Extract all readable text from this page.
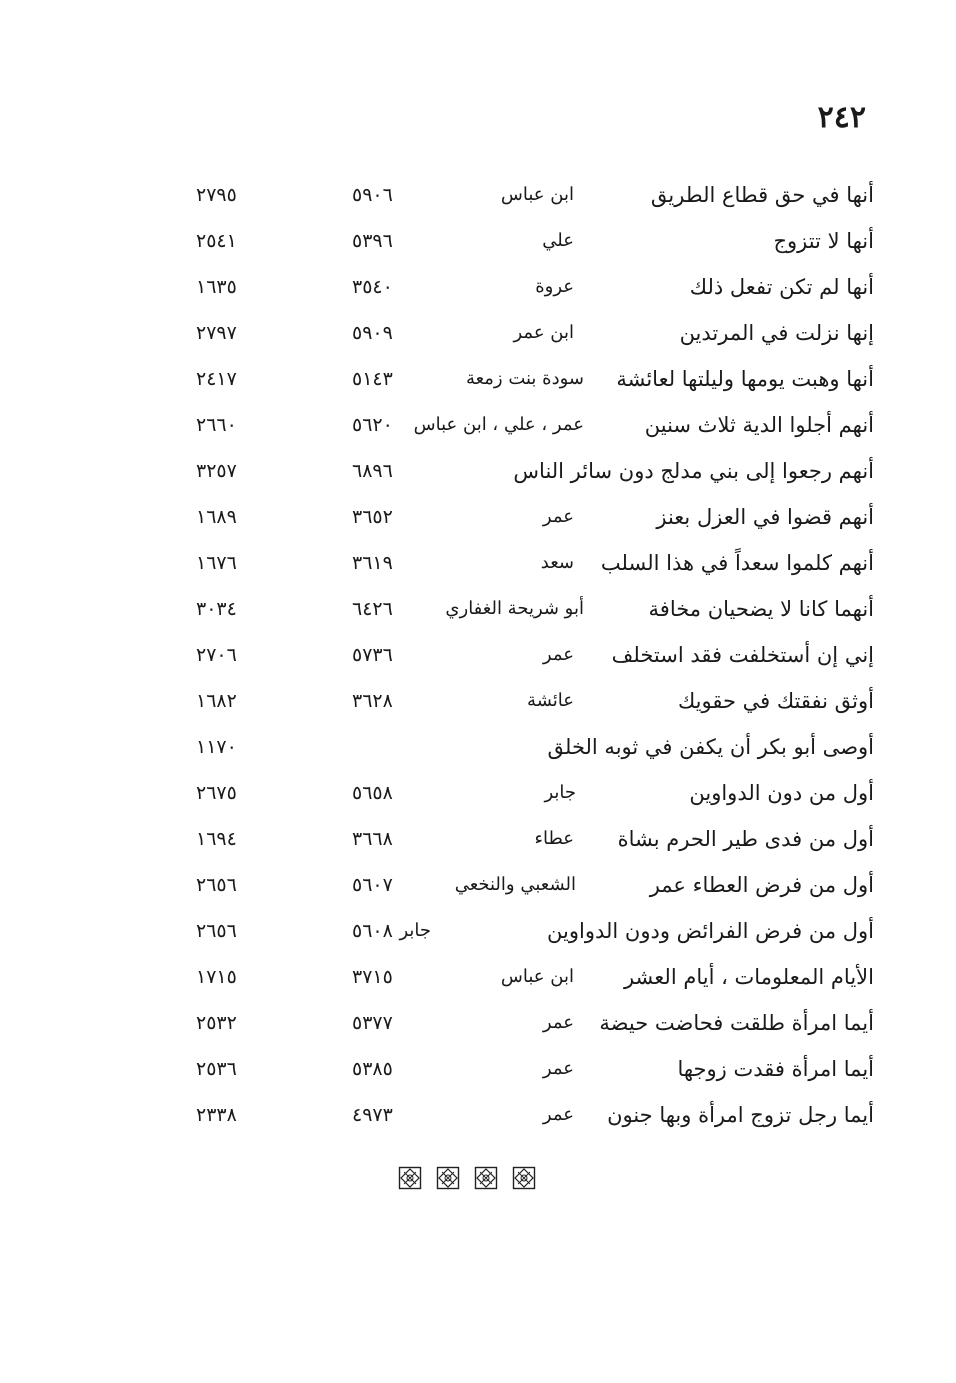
٢٤٢
أنها في حق قطاع الطريق
ابن عباس
٥٩٠٦
٢٧٩٥
أنها لا تتزوج
علي
٥٣٩٦
٢٥٤١
أنها لم تكن تفعل ذلك
عروة
٣٥٤٠
١٦٣٥
إنها نزلت في المرتدين
ابن عمر
٥٩٠٩
٢٧٩٧
أنها وهبت يومها وليلتها لعائشة
سودة بنت زمعة
٥١٤٣
٢٤١٧
أنهم أجلوا الدية ثلاث سنين
عمر ، علي ، ابن عباس
٥٦٢٠
٢٦٦٠
أنهم رجعوا إلى بني مدلج دون سائر الناس
٦٨٩٦
٣٢٥٧
أنهم قضوا في العزل بعنز
عمر
٣٦٥٢
١٦٨٩
أنهم كلموا سعداً في هذا السلب
سعد
٣٦١٩
١٦٧٦
أنهما كانا لا يضحيان مخافة
أبو شريحة الغفاري
٦٤٢٦
٣٠٣٤
إني إن أستخلفت فقد استخلف
عمر
٥٧٣٦
٢٧٠٦
أوثق نفقتك في حقويك
عائشة
٣٦٢٨
١٦٨٢
أوصى أبو بكر أن يكفن في ثوبه الخلق
١١٧٠
أول من دون الدواوين
جابر
٥٦٥٨
٢٦٧٥
أول من فدى طير الحرم بشاة
عطاء
٣٦٦٨
١٦٩٤
أول من فرض العطاء عمر
الشعبي والنخعي
٥٦٠٧
٢٦٥٦
أول من فرض الفرائض ودون الدواوين
جابر
٥٦٠٨
٢٦٥٦
الأيام المعلومات ، أيام العشر
ابن عباس
٣٧١٥
١٧١٥
أيما امرأة طلقت فحاضت حيضة
عمر
٥٣٧٧
٢٥٣٢
أيما امرأة فقدت زوجها
عمر
٥٣٨٥
٢٥٣٦
أيما رجل تزوج امرأة وبها جنون
عمر
٤٩٧٣
٢٣٣٨
